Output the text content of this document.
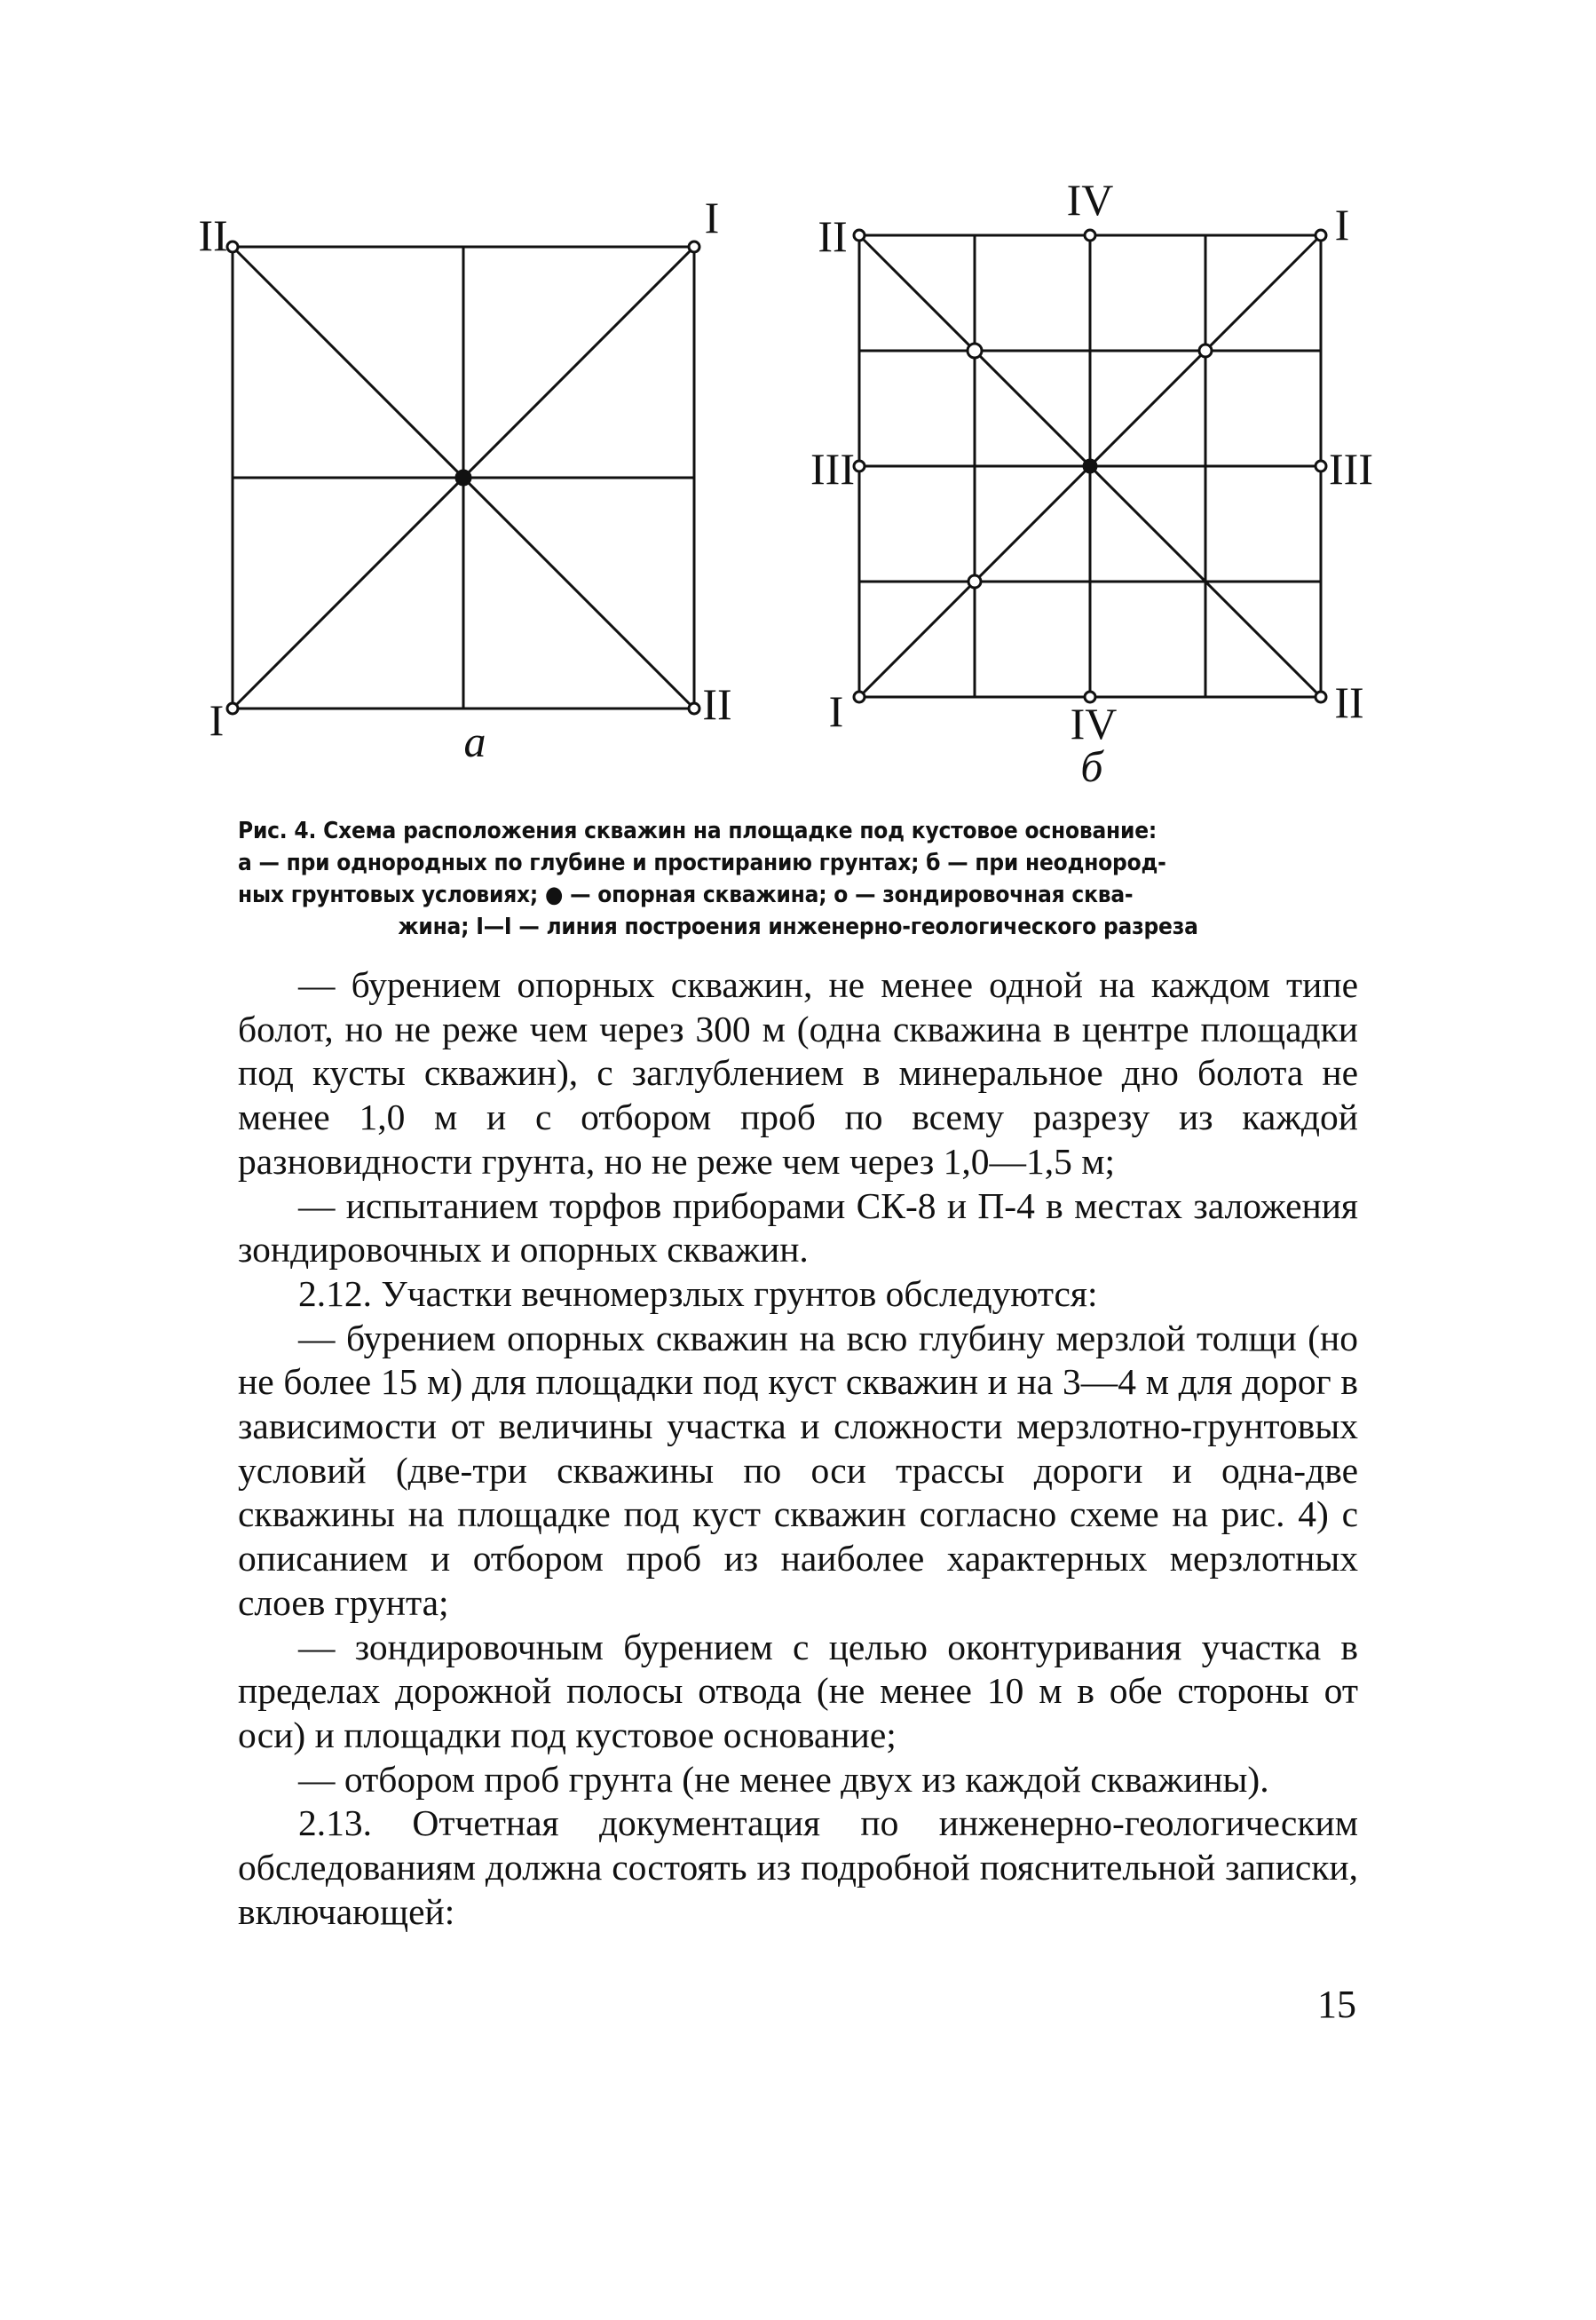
II	I
I	II
а
II
IV	I
III	III
I	IV	II
б

Рис. 4. Схема расположения скважин на площадке под кустовое основание:

а — при однородных по глубине и простиранию грунтах; б — при неоднород-

ных грунтовых условиях; ● — опорная скважина; о — зондировочная сква-

жина; I—I — линия построения инженерно-геологического разреза

— бурением опорных скважин, не менее одной на каждом типе болот, но не реже чем через 300 м (одна скважина в центре площадки под кусты скважин), с заглублением в минеральное дно болота не менее 1,0 м и с отбором проб по всему разрезу из каждой разновидности грунта, но не реже чем через 1,0—1,5 м;

— испытанием торфов приборами СК-8 и П-4 в местах заложения зондировочных и опорных скважин.

2.12. Участки вечномерзлых грунтов обследуются:

— бурением опорных скважин на всю глубину мерзлой толщи (но не более 15 м) для площадки под куст скважин и на 3—4 м для дорог в зависимости от величины участка и сложности мерзлотно-грунтовых условий (две-три скважины по оси трассы дороги и одна-две скважины на площадке под куст скважин согласно схеме на рис. 4) с описанием и отбором проб из наиболее характерных мерзлотных слоев грунта;

— зондировочным бурением с целью оконтуривания участка в пределах дорожной полосы отвода (не менее 10 м в обе стороны от оси) и площадки под кустовое основание;

— отбором проб грунта (не менее двух из каждой скважины).

2.13. Отчетная документация по инженерно-геологическим обследованиям должна состоять из подробной пояснительной записки, включающей:

15
